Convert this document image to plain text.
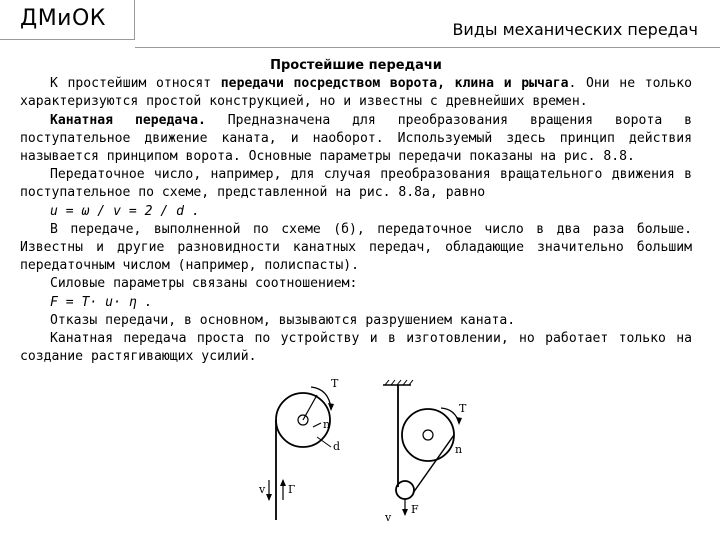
ДМиОК	Виды механических передач

Простейшие передачи

К простейшим относят передачи посредством ворота, клина и рычага. Они не только характеризуются простой конструкцией, но и известны с древнейших времен.

Канатная передача. Предназначена для преобразования вращения ворота в поступательное движение каната, и наоборот. Используемый здесь принцип действия называется принципом ворота. Основные параметры передачи показаны на рис. 8.8.

Передаточное число, например, для случая преобразования вращательного движения в поступательное по схеме, представленной на рис. 8.8а, равно

u = ω / v = 2 / d .

В передаче, выполненной по схеме (б), передаточное число в два раза больше. Известны и другие разновидности канатных передач, обладающие значительно большим передаточным числом (например, полиспасты).

Силовые параметры связаны соотношением:

F = T· u· η .

Отказы передачи, в основном, вызываются разрушением каната.

Канатная передача проста по устройству и в изготовлении, но работает только на создание растягивающих усилий.

T
n
d
v Г
T
n
F
v
